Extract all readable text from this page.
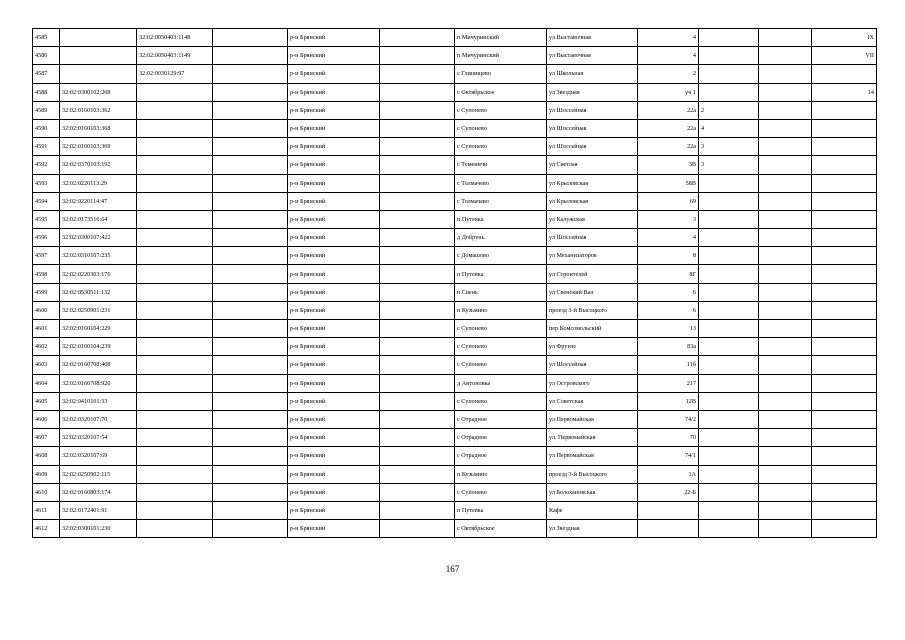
4585		32:02:0050403:1148		р-н Брянский		п Мичуринский	ул Выставочная	4			IX
4586		32:02:0050403:1149		р-н Брянский		п Мичуринский	ул Выставочная	4			VII
4587		32:02:0030129:97		р-н Брянский		с Глинищево	ул Школьная	2			
4588	32:02:0300102:208			р-н Брянский		с Октябрьское	ул Звездная	уч 1			14
4589	32:02:0160103:362			р-н Брянский		с Супонево	ул Шоссейная	22а	2		
4590	32:02:0160103:368			р-н Брянский		с Супонево	ул Шоссейная	22а	4		
4591	32:02:0160103:369			р-н Брянский		с Супонево	ул Шоссейная	22а	3		
4592	32:02:0370103:192			р-н Брянский		с Теменичи	ул Светлая	3В	3		
4593	32:02:0220113:29			р-н Брянский		с Толмачево	ул Крыловская	58В			
4594	32:02:0220114:47			р-н Брянский		с Толмачево	ул Крыловская	69			
4595	32:02:0173516:64			р-н Брянский		п Путевка	ул Калужская	3			
4596	32:02:0300107:422			р-н Брянский		д Добрунь	ул Шоссейная	4			
4597	32:02:0310107:235			р-н Брянский		с Домашово	ул Механизаторов	8			
4598	32:02:0220303:176			р-н Брянский		п Путевка	ул Строителей	8Г			
4599	32:02:0530511:132			р-н Брянский		п Свень	ул Свенский Вал	6			
4600	32:02:0250901:231			р-н Брянский		п Кузьмино	проезд 3-й Высоцкого	6			
4601	32:02:0160104:229			р-н Брянский		с Супонево	пер Комсомольский	13			
4602	32:02:0160104:239			р-н Брянский		с Супонево	ул Фрунзе	83а			
4603	32:02:0160708:408			р-н Брянский		с Супонево	ул Шоссейная	11б			
4604	32:02:0160708:920			р-н Брянский		д Антоновка	ул Островского	217			
4605	32:02:0410101:33			р-н Брянский		с Супонево	ул Советская	12В			
4606	32:02:0320107:70			р-н Брянский		с Отрадное	ул Первомайская	74/2			
4607	32:02:0320107:54			р-н Брянский		с Отрадное	ул. Первомайская	70			
4608	32:02:0320107:69			р-н Брянский		с Отрадное	ул Первомайская	74/1			
4609	32:02:0250902:115			р-н Брянский		п Кузьмино	проезд 3-й Высоцкого	1А			
4610	32:02:0160803:174			р-н Брянский		с Супонево	ул Болохановская	22-Б			
4611	32:02:0172401:91			р-н Брянский		п Путевка	Кафе				
4612	32:02:0300101:230			р-н Брянский		с Октябрьское	ул Звездная				
167
